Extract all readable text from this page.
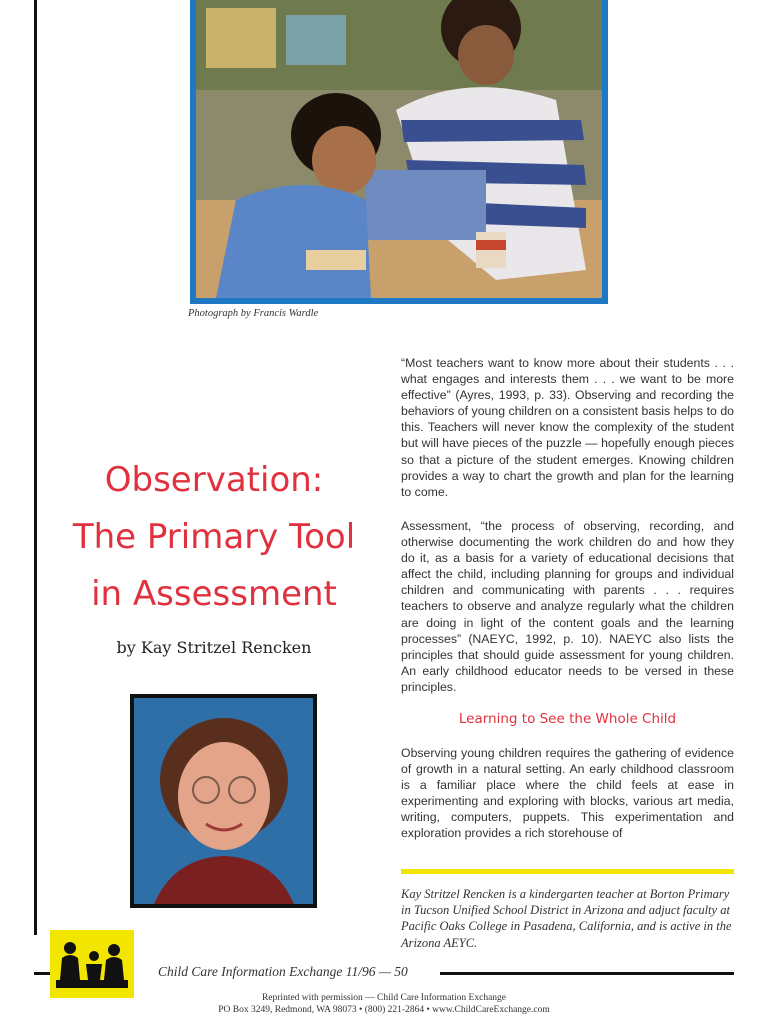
Photograph by Francis Wardle
Observation:
The Primary Tool
in Assessment
by Kay Stritzel Rencken
“Most teachers want to know more about their students . . . what engages and interests them . . . we want to be more effective” (Ayres, 1993, p. 33). Observing and recording the behaviors of young children on a consistent basis helps to do this. Teachers will never know the complexity of the student but will have pieces of the puzzle — hopefully enough pieces so that a picture of the student emerges. Knowing children provides a way to chart the growth and plan for the learning to come.
Assessment, “the process of observing, recording, and otherwise documenting the work children do and how they do it, as a basis for a variety of educational decisions that affect the child, including planning for groups and individual children and communicating with parents . . . requires teachers to observe and analyze regularly what the children are doing in light of the content goals and the learning processes” (NAEYC, 1992, p. 10). NAEYC also lists the principles that should guide assessment for young children. An early childhood educator needs to be versed in these principles.
Learning to See the Whole Child
Observing young children requires the gathering of evidence of growth in a natural setting. An early childhood classroom is a familiar place where the child feels at ease in experimenting and exploring with blocks, various art media, writing, computers, puppets. This experimentation and exploration provides a rich storehouse of
Kay Stritzel Rencken is a kindergarten teacher at Borton Primary in Tucson Unified School District in Arizona and adjuct faculty at Pacific Oaks College in Pasadena, California, and is active in the Arizona AEYC.
Child Care Information Exchange 11/96 — 50
Reprinted with permission — Child Care Information Exchange
PO Box 3249, Redmond, WA 98073 • (800) 221-2864 • www.ChildCareExchange.com
